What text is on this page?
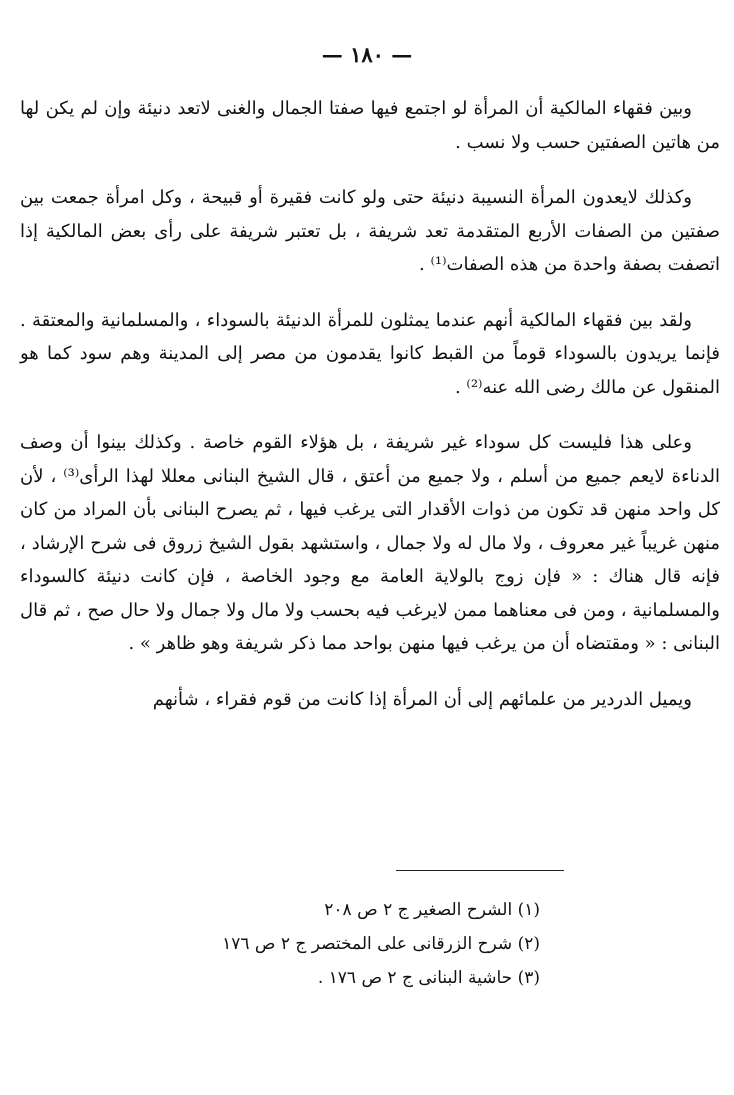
— ١٨٠ —

وبين فقهاء المالكية أن المرأة لو اجتمع فيها صفتا الجمال والغنى لاتعد دنيئة وإن لم يكن لها من هاتين الصفتين حسب ولا نسب .

وكذلك لايعدون المرأة النسيبة دنيئة حتى ولو كانت فقيرة أو قبيحة ، وكل امرأة جمعت بين صفتين من الصفات الأربع المتقدمة تعد شريفة ، بل تعتبر شريفة على رأى بعض المالكية إذا اتصفت بصفة واحدة من هذه الصفات⁽¹⁾ .

ولقد بين فقهاء المالكية أنهم عندما يمثلون للمرأة الدنيئة بالسوداء ، والمسلمانية والمعتقة . فإنما يريدون بالسوداء قوماً من القبط كانوا يقدمون من مصر إلى المدينة وهم سود كما هو المنقول عن مالك رضى الله عنه⁽²⁾ .

وعلى هذا فليست كل سوداء غير شريفة ، بل هؤلاء القوم خاصة . وكذلك بينوا أن وصف الدناءة لايعم جميع من أسلم ، ولا جميع من أعتق ، قال الشيخ البنانى معللا لهذا الرأى⁽³⁾ ، لأن كل واحد منهن قد تكون من ذوات الأقدار التى يرغب فيها ، ثم يصرح البنانى بأن المراد من كان منهن غريباً غير معروف ، ولا مال له ولا جمال ، واستشهد بقول الشيخ زروق فى شرح الإرشاد ، فإنه قال هناك : « فإن زوج بالولاية العامة مع وجود الخاصة ، فإن كانت دنيئة كالسوداء والمسلمانية ، ومن فى معناهما ممن لايرغب فيه بحسب ولا مال ولا جمال ولا حال صح ، ثم قال البنانى : « ومقتضاه أن من يرغب فيها منهن بواحد مما ذكر شريفة وهو ظاهر » .

ويميل الدردير من علمائهم إلى أن المرأة إذا كانت من قوم فقراء ، شأنهم

(١) الشرح الصغير ج ٢ ص ٢٠٨
(٢) شرح الزرقانى على المختصر ج ٢ ص ١٧٦
(٣) حاشية البنانى ج ٢ ص ١٧٦ .
